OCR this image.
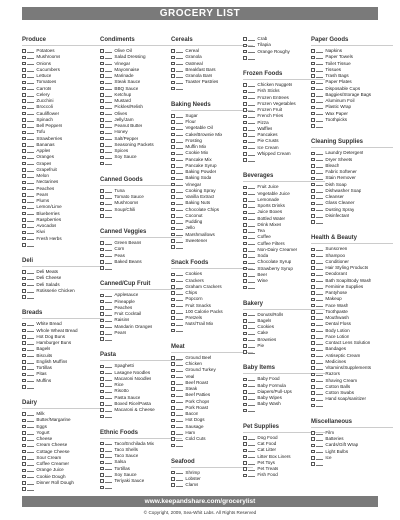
GROCERY LIST
Produce
Potatoes
Mushrooms
Onions
Cucumbers
Lettuce
Tomatoes
Carrots
Celery
Zucchini
Broccoli
Cauliflower
Spinach
Bell Peppers
Tofu
Strawberries
Bananas
Apples
Oranges
Grapes
Grapefruit
Melon
Nectarines
Peaches
Pears
Plums
Lemon/Lime
Blueberries
Raspberries
Avocados
Kiwi
Fresh Herbs
Deli
Deli Meats
Deli Cheese
Deli Salads
Rotisserie Chicken
Breads
White Bread
Whole Wheat Bread
Hot Dog Buns
Hamburger Buns
Bagels
Biscuits
English Muffins
Tortillas
Pitas
Muffins
Dairy
Milk
Butter/Margarine
Eggs
Yogurt
Cheese
Cream Cheese
Cottage Cheese
Sour Cream
Coffee Creamer
Orange Juice
Cookie Dough
Dinner Roll Dough
Condiments
Olive Oil
Salad Dressing
Vinegar
Mayonnaise
Marinade
Steak Sauce
BBQ Sauce
Ketchup
Mustard
Pickles/Relish
Olives
Jelly/Jam
Peanut Butter
Honey
Salt/Pepper
Seasoning Packets
Spices
Soy Sauce
Canned Goods
Tuna
Tomato Sauce
Mushrooms
Soup/Chili
Canned Veggies
Green Beans
Corn
Peas
Baked Beans
Canned/Cup Fruit
Applesauce
Pineapple
Peaches
Fruit Cocktail
Raisins
Mandarin Oranges
Pears
Pasta
Spaghetti
Lasagne Noodles
Macaroni Noodles
Rice
Risotto
Pasta Sauce
Boxed Rice/Pasta
Macaroni & Cheese
Ethnic Foods
Taco/Enchilada Mix
Taco Shells
Taco Sauce
Salsa
Tortillas
Soy Sauce
Teriyaki Sauce
Cereals
Cereal
Granola
Oatmeal
Breakfast Bars
Granola Bars
Toaster Pastries
Baking Needs
Sugar
Flour
Vegetable Oil
Cake/Brownie Mix
Frosting
Muffin Mix
Cookie Mix
Pancake Mix
Pancake Syrup
Baking Powder
Baking Soda
Vinegar
Cooking Spray
Vanilla Extract
Baking Nuts
Chocolate Chips
Coconut
Pudding
Jello
Marshmallows
Sweetener
Snack Foods
Cookies
Crackers
Graham Crackers
Chips
Popcorn
Fruit Snacks
100 Calorie Packs
Pretzels
Nuts/Trail Mix
Meat
Ground Beef
Chicken
Ground Turkey
Veal
Beef Roast
Steak
Beef Patties
Pork Chops
Pork Roast
Bacon
Hot Dogs
Sausage
Ham
Cold Cuts
Seafood
Shrimp
Lobster
Clams
Crab
Tilapia
Orange Roughy
Frozen Foods
Chicken Nuggets
Fish Sticks
Frozen Entrees
Frozen Vegetables
Frozen Fruit
French Fries
Pizza
Waffles
Pancakes
Pie Crusts
Ice Cream
Whipped Cream
Beverages
Fruit Juice
Vegetable Juice
Lemonade
Sports Drinks
Juice Boxes
Bottled Water
Drink Mixes
Tea
Coffee
Coffee Filters
Non-Dairy Creamer
Soda
Chocolate Syrup
Strawberry Syrup
Beer
Wine
Bakery
Donuts/Rolls
Bagels
Cookies
Cake
Brownies
Pie
Baby Items
Baby Food
Baby Formula
Diapers/Pull-Ups
Baby Wipes
Baby Wash
Pet Supplies
Dog Food
Cat Food
Cat Litter
Litter Box Liners
Pet Toys
Pet Treats
Fish Food
Paper Goods
Napkins
Paper Towels
Toilet Tissue
Tissues
Trash Bags
Paper Plates
Disposable Cups
Baggies/Storage Bags
Aluminum Foil
Plastic Wrap
Wax Paper
Toothpicks
Cleaning Supplies
Laundry Detergent
Dryer Sheets
Bleach
Fabric Softener
Stain Remover
Dish Soap
Dishwasher Soap
Cleanser
Glass Cleaner
Dusting Spray
Disinfectant
Health & Beauty
Sunscreen
Shampoo
Conditioner
Hair Styling Products
Deodorant
Bath Soap/Body Wash
Feminine Supplies
Pantyhose
Makeup
Face Wash
Toothpaste
Mouthwash
Dental Floss
Body Lotion
Face Lotion
Contact Lens Solution
Bandages
Antiseptic Cream
Medicines
Vitamins/Supplements
Razors
Shaving Cream
Cotton Balls
Cotton Swabs
Hand soap/sanitizer
Miscellaneous
Film
Batteries
Cards/Gift Wrap
Light Bulbs
Ice
www.keepandshare.com/grocerylist
© Copyright, 2009, Sea-Whit Labs. All Rights Reserved
